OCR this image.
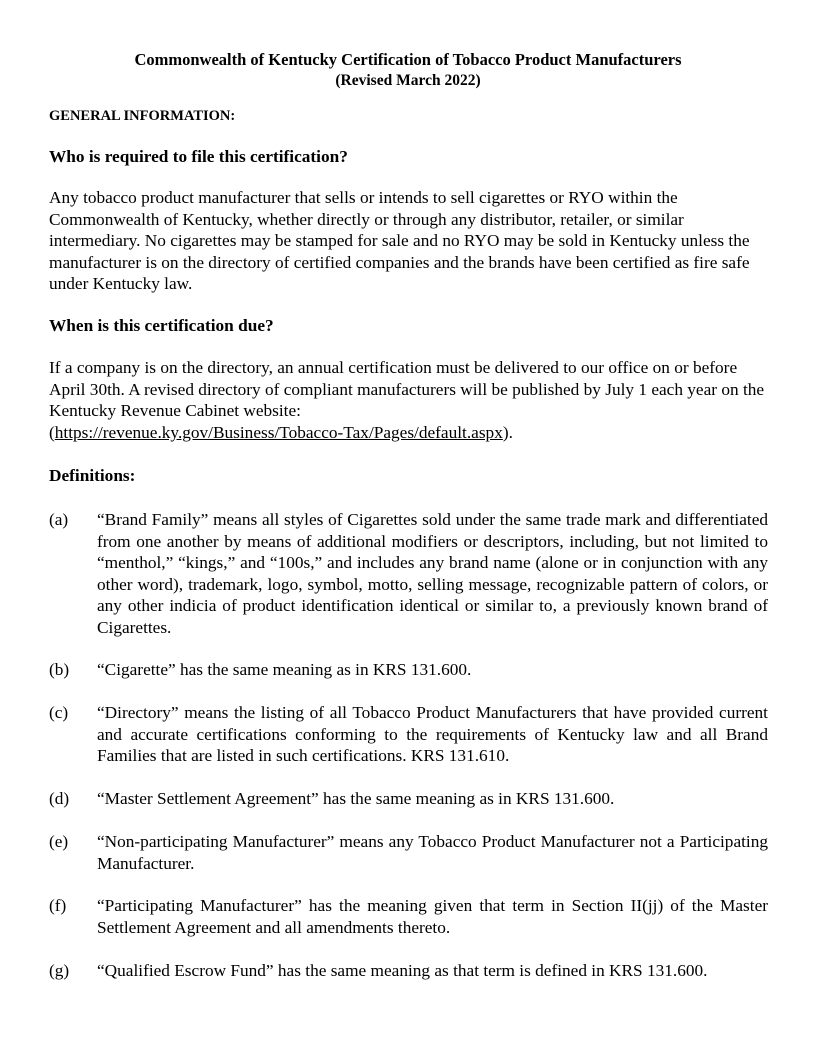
Commonwealth of Kentucky Certification of Tobacco Product Manufacturers
(Revised March 2022)
GENERAL INFORMATION:
Who is required to file this certification?
Any tobacco product manufacturer that sells or intends to sell cigarettes or RYO within the Commonwealth of Kentucky, whether directly or through any distributor, retailer, or similar intermediary. No cigarettes may be stamped for sale and no RYO may be sold in Kentucky unless the manufacturer is on the directory of certified companies and the brands have been certified as fire safe under Kentucky law.
When is this certification due?
If a company is on the directory, an annual certification must be delivered to our office on or before April 30th. A revised directory of compliant manufacturers will be published by July 1 each year on the Kentucky Revenue Cabinet website:
(https://revenue.ky.gov/Business/Tobacco-Tax/Pages/default.aspx).
Definitions:
(a) “Brand Family” means all styles of Cigarettes sold under the same trade mark and differentiated from one another by means of additional modifiers or descriptors, including, but not limited to “menthol,” “kings,” and “100s,” and includes any brand name (alone or in conjunction with any other word), trademark, logo, symbol, motto, selling message, recognizable pattern of colors, or any other indicia of product identification identical or similar to, a previously known brand of Cigarettes.
(b) “Cigarette” has the same meaning as in KRS 131.600.
(c) “Directory” means the listing of all Tobacco Product Manufacturers that have provided current and accurate certifications conforming to the requirements of Kentucky law and all Brand Families that are listed in such certifications. KRS 131.610.
(d) “Master Settlement Agreement” has the same meaning as in KRS 131.600.
(e) “Non-participating Manufacturer” means any Tobacco Product Manufacturer not a Participating Manufacturer.
(f) “Participating Manufacturer” has the meaning given that term in Section II(jj) of the Master Settlement Agreement and all amendments thereto.
(g) “Qualified Escrow Fund” has the same meaning as that term is defined in KRS 131.600.
